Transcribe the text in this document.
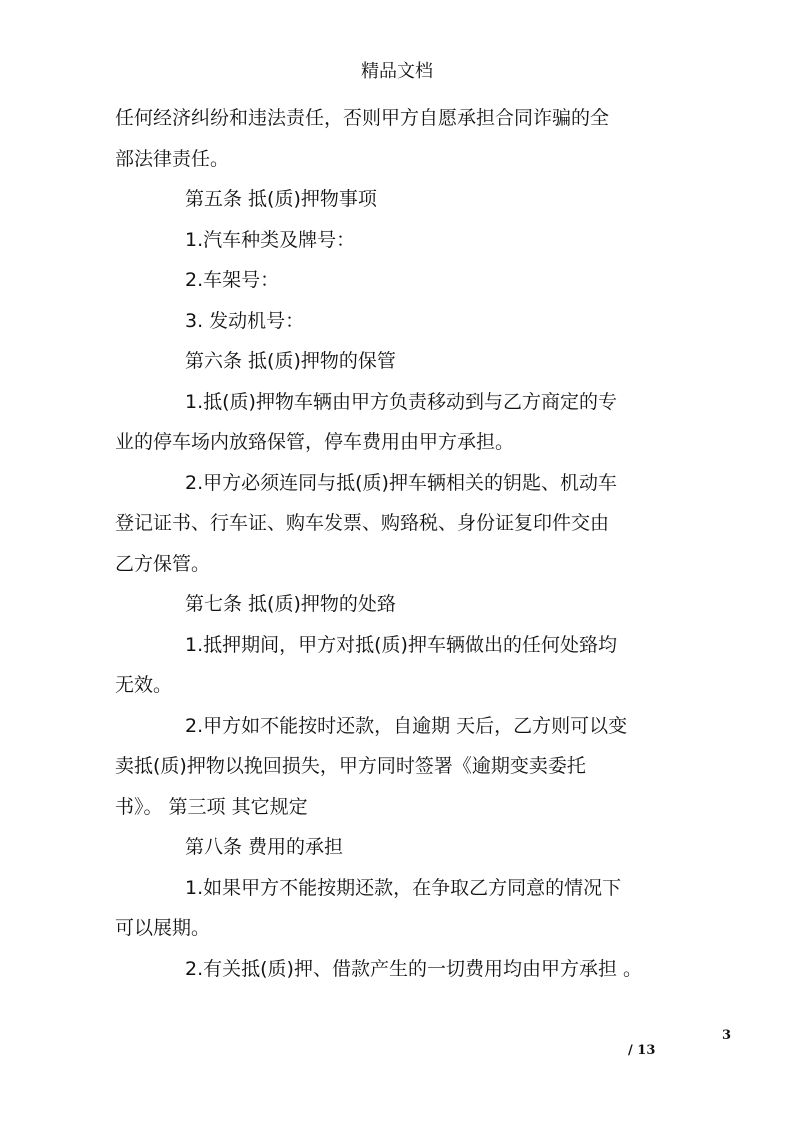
精品文档

任何经济纠纷和违法责任，否则甲方自愿承担合同诈骗的全

部法律责任。

第五条 抵(质)押物事项

1.汽车种类及牌号：

2.车架号：

3. 发动机号：

第六条 抵(质)押物的保管

1.抵(质)押物车辆由甲方负责移动到与乙方商定的专

业的停车场内放臵保管，停车费用由甲方承担。

2.甲方必须连同与抵(质)押车辆相关的钥匙、机动车

登记证书、行车证、购车发票、购臵税、身份证复印件交由

乙方保管。

第七条 抵(质)押物的处臵

1.抵押期间，甲方对抵(质)押车辆做出的任何处臵均

无效。

2.甲方如不能按时还款，自逾期 天后，乙方则可以变

卖抵(质)押物以挽回损失，甲方同时签署《逾期变卖委托

书》。 第三项 其它规定

第八条 费用的承担

1.如果甲方不能按期还款，在争取乙方同意的情况下

可以展期。

2.有关抵(质)押、借款产生的一切费用均由甲方承担 。

3
/ 13
